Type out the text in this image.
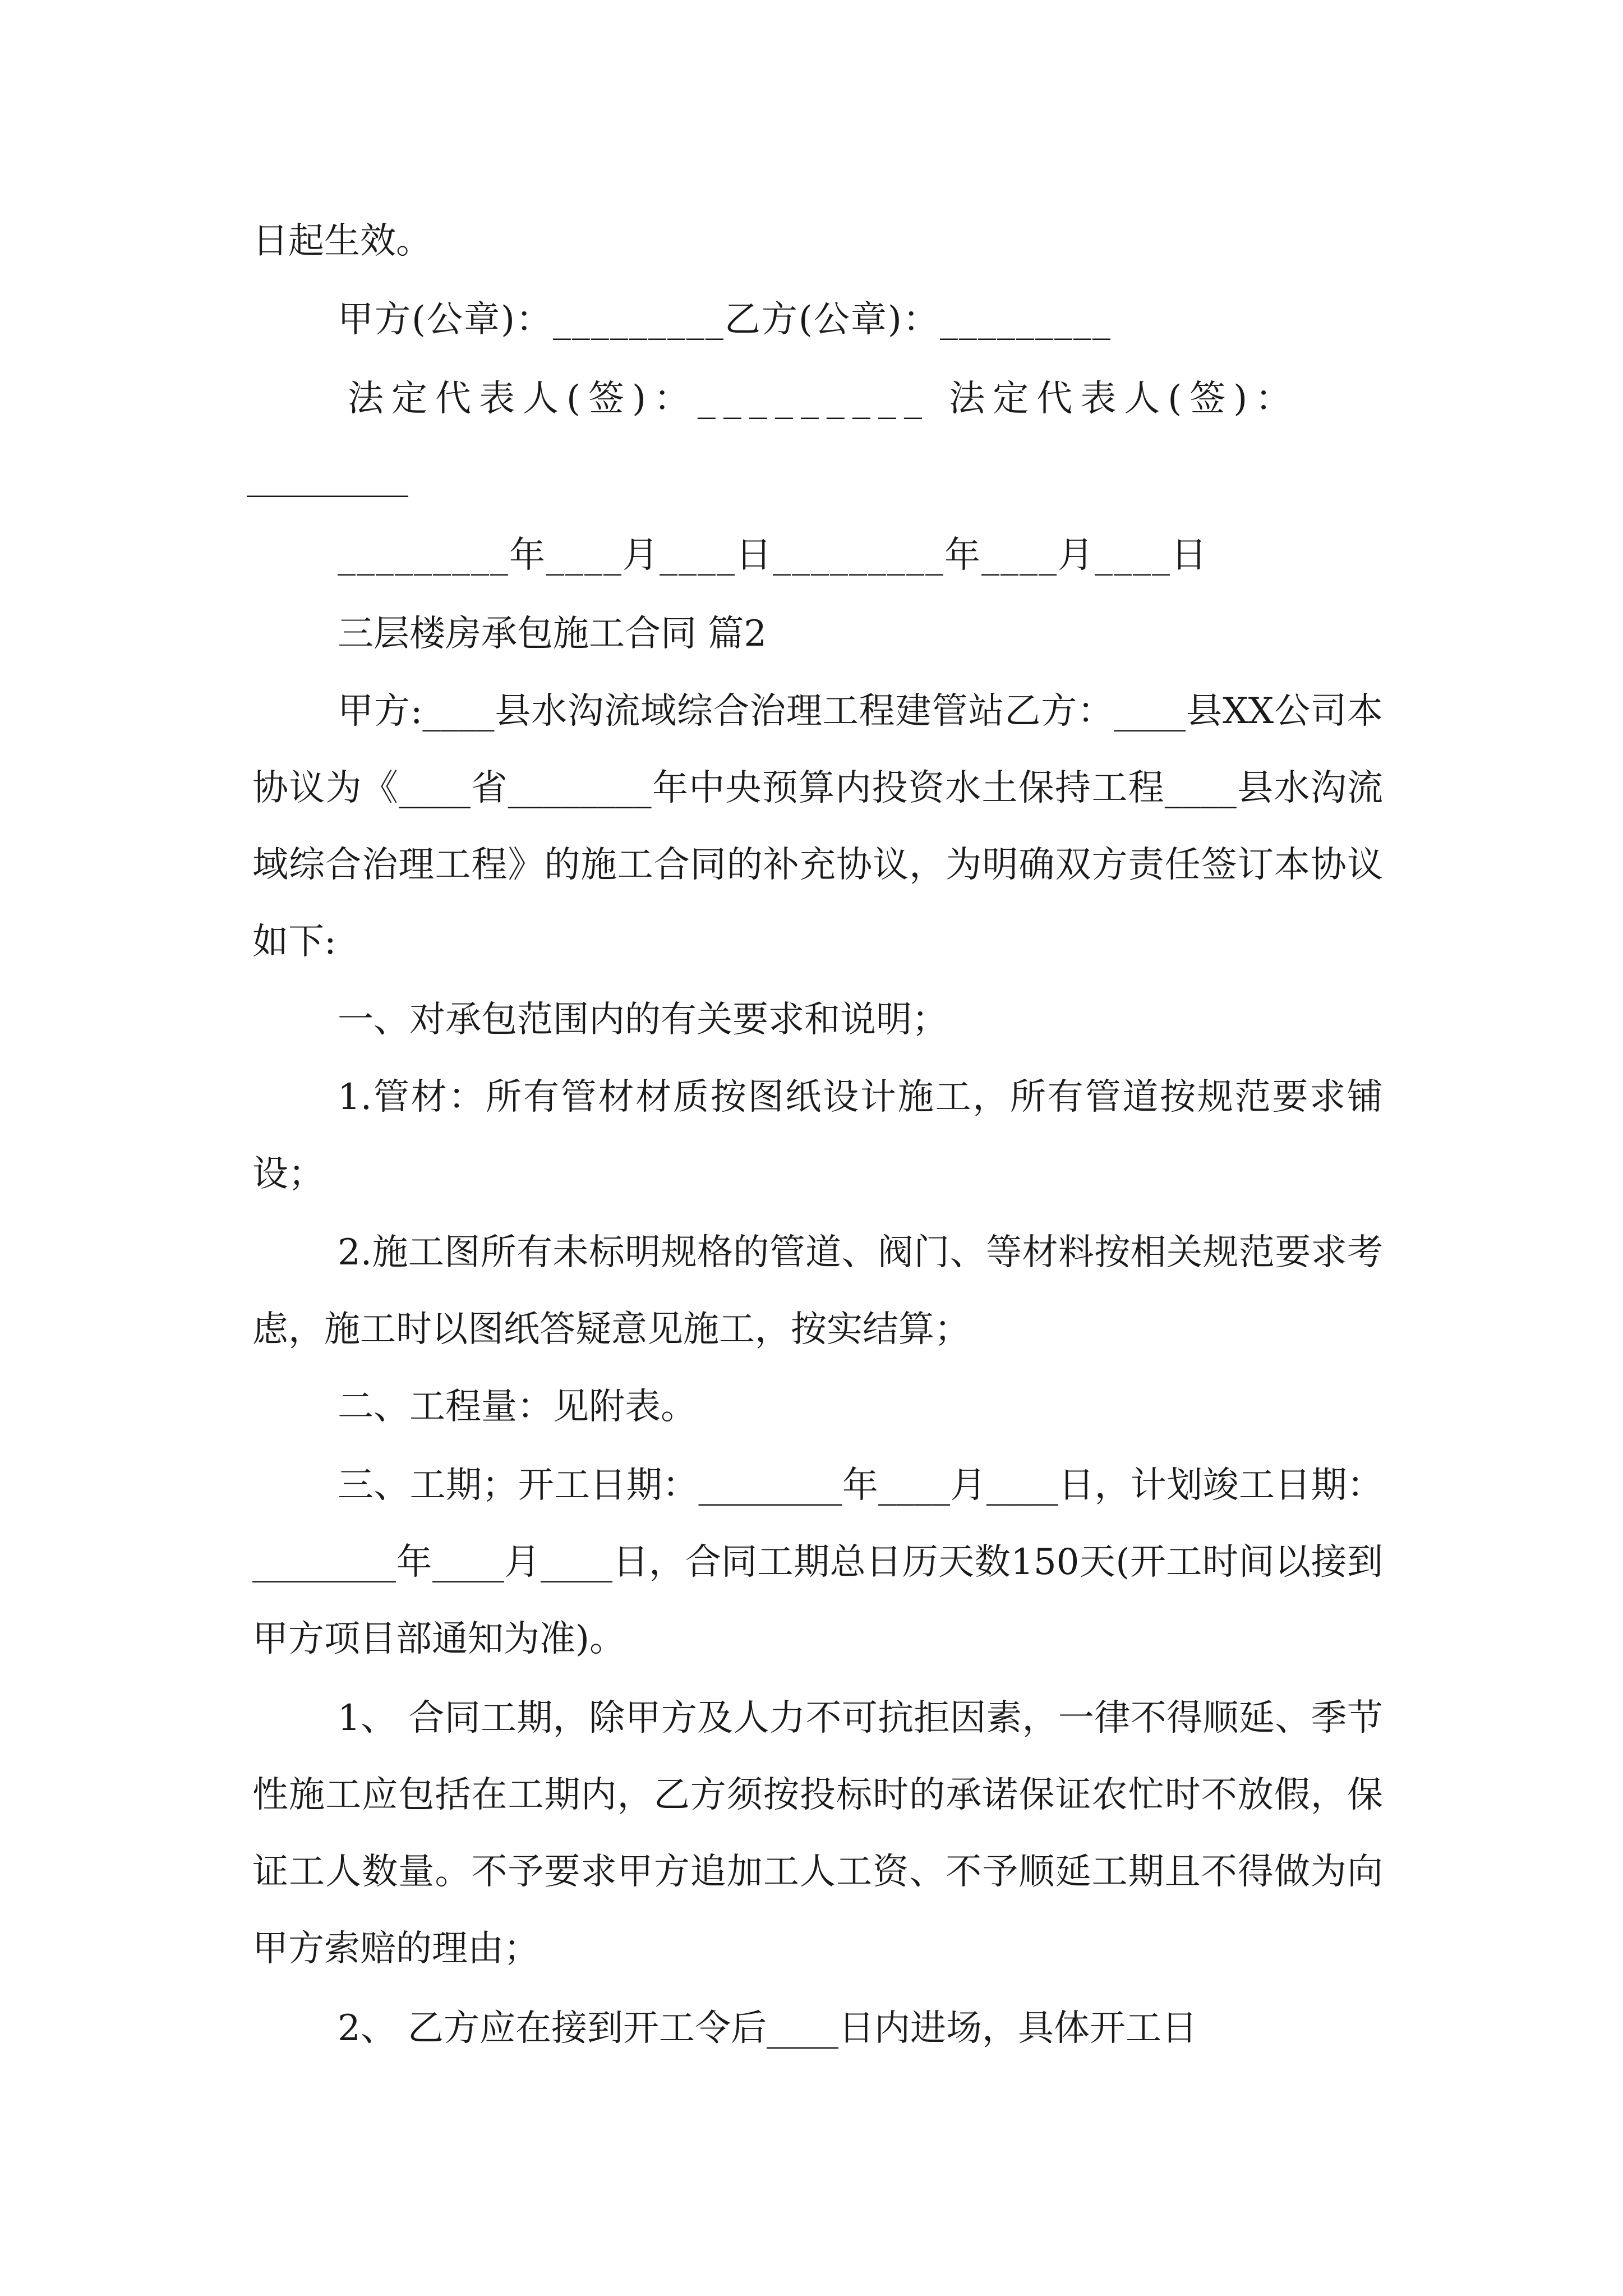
日起生效。
甲方(公章)：_________乙方(公章)：_________
法定代表人(签)：_________ 法定代表人(签)：
_________
_________年____月____日_________年____月____日
三层楼房承包施工合同 篇2
甲方:____县水沟流域综合治理工程建管站乙方：____县XX公司本协议为《____省________年中央预算内投资水土保持工程____县水沟流域综合治理工程》的施工合同的补充协议，为明确双方责任签订本协议如下:
一、对承包范围内的有关要求和说明；
1.管材：所有管材材质按图纸设计施工，所有管道按规范要求铺设；
2.施工图所有未标明规格的管道、阀门、等材料按相关规范要求考虑，施工时以图纸答疑意见施工，按实结算；
二、工程量：见附表。
三、工期；开工日期：________年____月____日，计划竣工日期：________年____月____日，合同工期总日历天数150天(开工时间以接到甲方项目部通知为准)。
1、 合同工期，除甲方及人力不可抗拒因素，一律不得顺延、季节性施工应包括在工期内，乙方须按投标时的承诺保证农忙时不放假，保证工人数量。不予要求甲方追加工人工资、不予顺延工期且不得做为向甲方索赔的理由；
2、 乙方应在接到开工令后____日内进场，具体开工日
